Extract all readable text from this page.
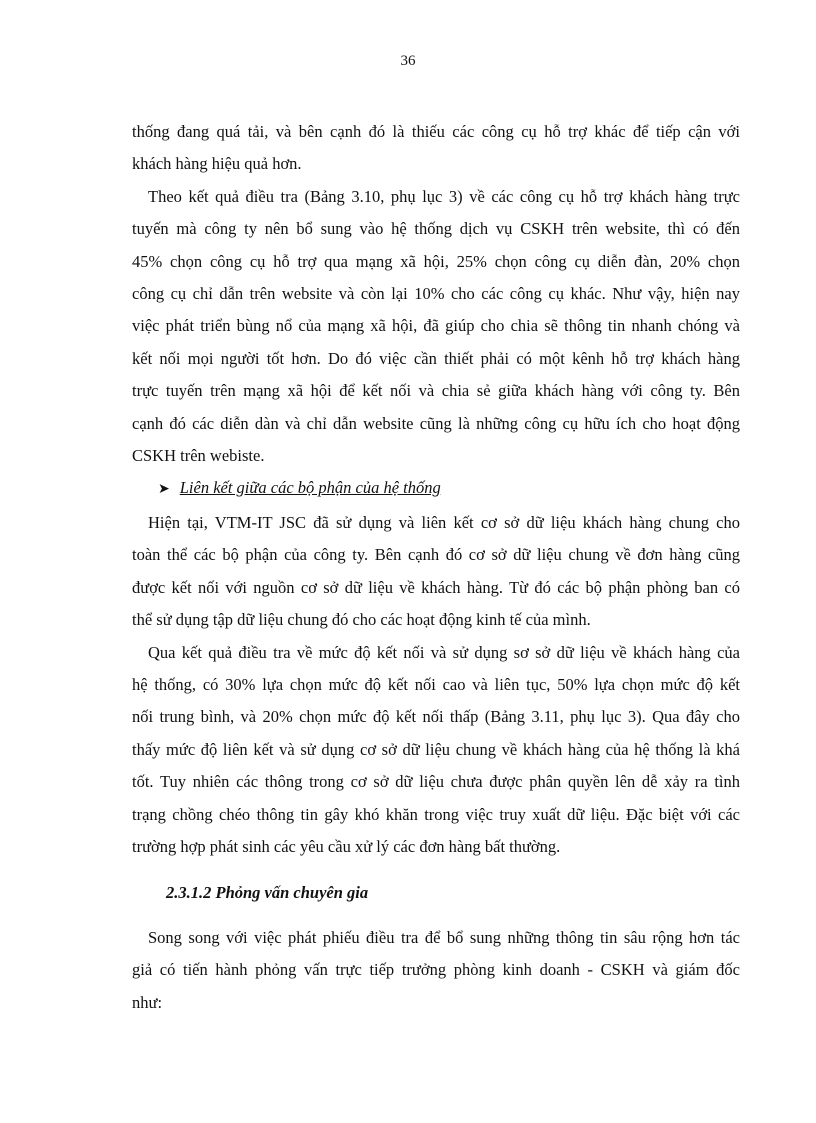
36

thống đang quá tải, và bên cạnh đó là thiếu các công cụ hỗ trợ khác để tiếp cận với

khách hàng hiệu quả hơn.

Theo kết quả điều tra (Bảng 3.10, phụ lục 3) về các công cụ hỗ trợ khách hàng trực

tuyến mà công ty nên bổ sung vào hệ thống dịch vụ CSKH trên website, thì có đến

45% chọn công cụ hỗ trợ qua mạng xã hội, 25% chọn công cụ diễn đàn, 20% chọn

công cụ chỉ dẫn trên website và còn lại 10% cho các công cụ khác. Như vậy, hiện nay

việc phát triển bùng nổ của mạng xã hội, đã giúp cho chia sẽ thông tin nhanh chóng và

kết nối mọi người tốt hơn. Do đó việc cần thiết phải có một kênh hỗ trợ khách hàng

trực tuyến trên mạng xã hội để kết nối và chia sẻ giữa khách hàng với công ty. Bên

cạnh đó các diễn dàn và chỉ dẫn website cũng là những công cụ hữu ích cho hoạt động

CSKH trên webiste.

➤ Liên kết giữa các bộ phận của hệ thống

Hiện tại, VTM-IT JSC đã sử dụng và liên kết cơ sở dữ liệu khách hàng chung cho

toàn thể các bộ phận của công ty. Bên cạnh đó cơ sở dữ liệu chung về đơn hàng cũng

được kết nối với nguồn cơ sở dữ liệu về khách hàng. Từ đó các bộ phận phòng ban có

thể sử dụng tập dữ liệu chung đó cho các hoạt động kinh tế của mình.

Qua kết quả điều tra về mức độ kết nối và sử dụng sơ sở dữ liệu về khách hàng của

hệ thống, có 30% lựa chọn mức độ kết nối cao và liên tục, 50% lựa chọn mức độ kết

nối trung bình, và 20% chọn mức độ kết nối thấp (Bảng 3.11, phụ lục 3). Qua đây cho

thấy mức độ liên kết và sử dụng cơ sở dữ liệu chung về khách hàng của hệ thống là khá

tốt. Tuy nhiên các thông trong cơ sở dữ liệu chưa được phân quyền lên dễ xảy ra tình

trạng chồng chéo thông tin gây khó khăn trong việc truy xuất dữ liệu. Đặc biệt với các

trường hợp phát sinh các yêu cầu xử lý các đơn hàng bất thường.

2.3.1.2 Phỏng vấn chuyên gia

Song song với việc phát phiếu điều tra để bổ sung những thông tin sâu rộng hơn tác

giả có tiến hành phỏng vấn trực tiếp trưởng phòng kinh doanh - CSKH và giám đốc

như:
